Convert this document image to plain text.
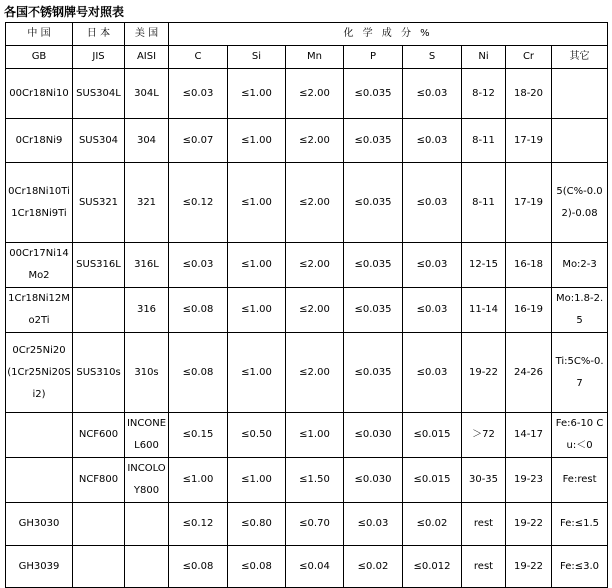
各国不锈钢牌号对照表
中 国	日 本	美 国	化 学 成 分 %							
GB	JIS	AISI	C	Si	Mn	P	S	Ni	Cr	其它
00Cr18Ni10	SUS304L	304L	≤0.03	≤1.00	≤2.00	≤0.035	≤0.03	8-12	18-20	
0Cr18Ni9	SUS304	304	≤0.07	≤1.00	≤2.00	≤0.035	≤0.03	8-11	17-19	
0Cr18Ni10Ti 1Cr18Ni9Ti	SUS321	321	≤0.12	≤1.00	≤2.00	≤0.035	≤0.03	8-11	17-19	5(C%-0.02)-0.08
00Cr17Ni14Mo2	SUS316L	316L	≤0.03	≤1.00	≤2.00	≤0.035	≤0.03	12-15	16-18	Mo:2-3
1Cr18Ni12Mo2Ti		316	≤0.08	≤1.00	≤2.00	≤0.035	≤0.03	11-14	16-19	Mo:1.8-2.5
0Cr25Ni20 (1Cr25Ni20Si2)	SUS310s	310s	≤0.08	≤1.00	≤2.00	≤0.035	≤0.03	19-22	24-26	Ti:5C%-0.7
	NCF600	INCONEL600	≤0.15	≤0.50	≤1.00	≤0.030	≤0.015	＞72	14-17	Fe:6-10 Cu:＜0
	NCF800	INCOLOY800	≤1.00	≤1.00	≤1.50	≤0.030	≤0.015	30-35	19-23	Fe:rest
GH3030			≤0.12	≤0.80	≤0.70	≤0.03	≤0.02	rest	19-22	Fe:≤1.5
GH3039			≤0.08	≤0.08	≤0.04	≤0.02	≤0.012	rest	19-22	Fe:≤3.0
